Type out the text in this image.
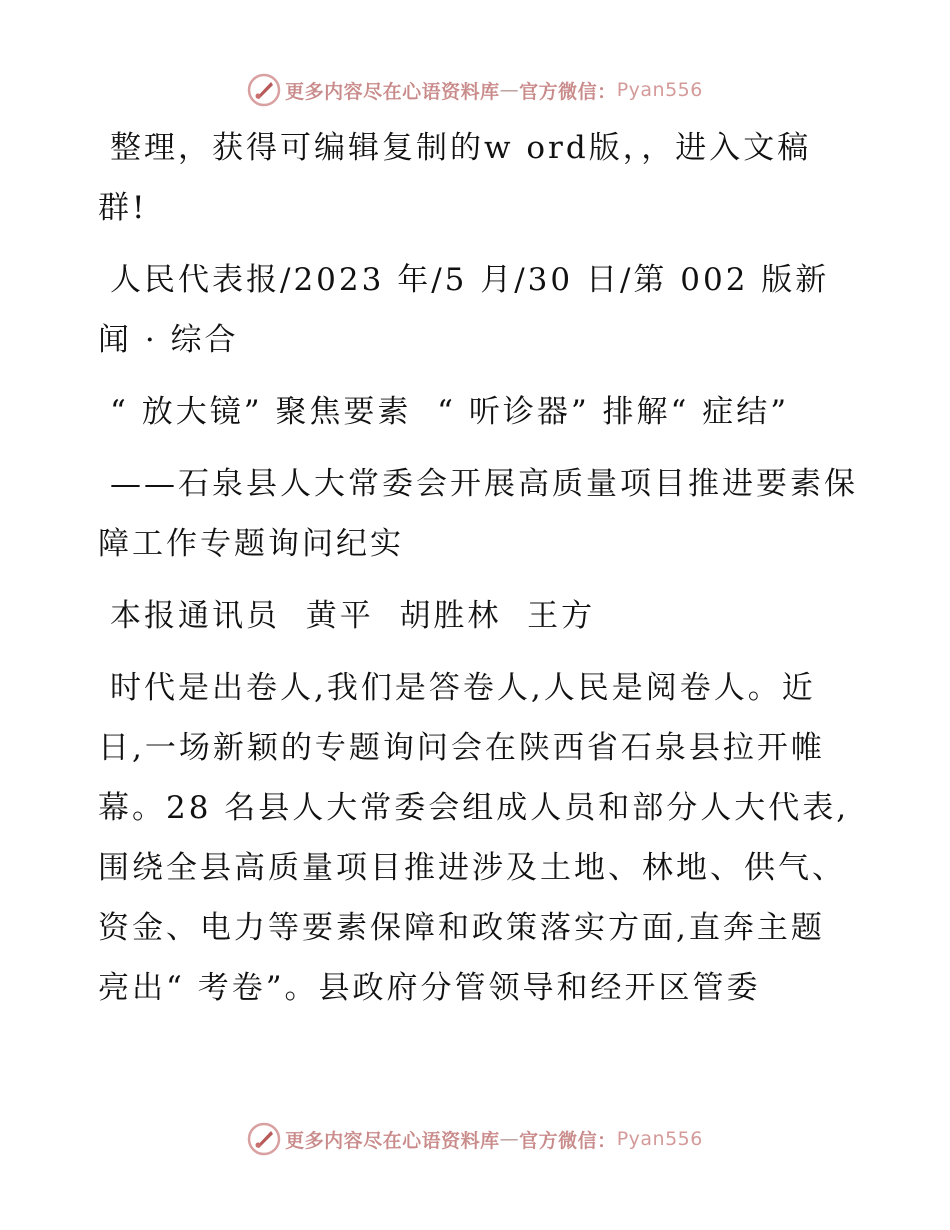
更多内容尽在心语资料库 — 官方微信： Pyan556

整理，获得可编辑复制的w ord版，，进入文稿群!

人民代表报/2023 年/5 月/30 日/第 002 版新闻 · 综合

“ 放大镜” 聚焦要素  “ 听诊器” 排解“ 症结”

——石泉县人大常委会开展高质量项目推进要素保障工作专题询问纪实

本报通讯员  黄平  胡胜林  王方

时代是出卷人,我们是答卷人,人民是阅卷人。近日,一场新颖的专题询问会在陕西省石泉县拉开帷幕。28 名县人大常委会组成人员和部分人大代表,围绕全县高质量项目推进涉及土地、林地、供气、资金、电力等要素保障和政策落实方面,直奔主题亮出“ 考卷”。县政府分管领导和经开区管委

更多内容尽在心语资料库 — 官方微信： Pyan556
